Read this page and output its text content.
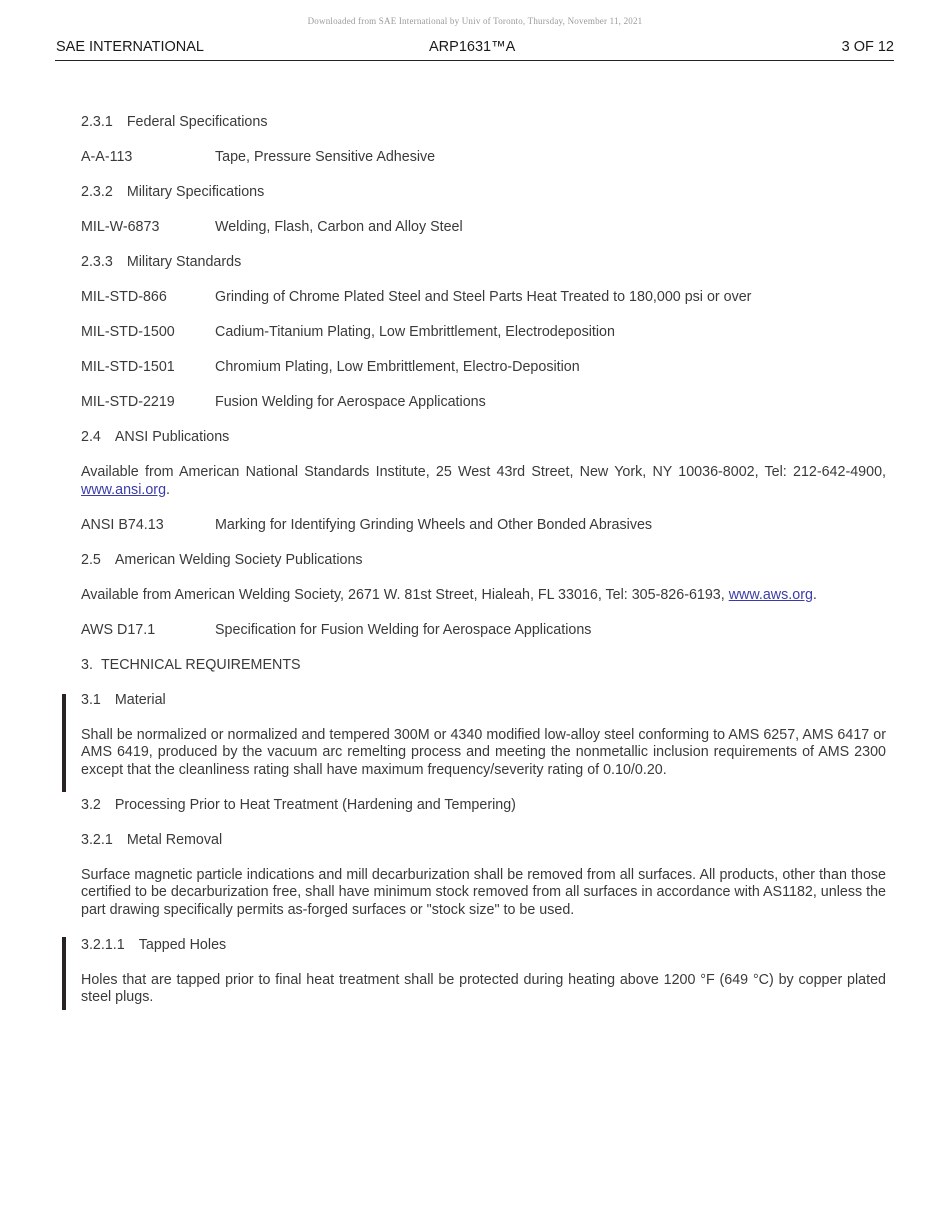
Downloaded from SAE International by Univ of Toronto, Thursday, November 11, 2021
SAE INTERNATIONAL	ARP1631™A	3 OF 12
2.3.1 Federal Specifications
A-A-113	Tape, Pressure Sensitive Adhesive
2.3.2 Military Specifications
MIL-W-6873	Welding, Flash, Carbon and Alloy Steel
2.3.3 Military Standards
MIL-STD-866	Grinding of Chrome Plated Steel and Steel Parts Heat Treated to 180,000 psi or over
MIL-STD-1500	Cadium-Titanium Plating, Low Embrittlement, Electrodeposition
MIL-STD-1501	Chromium Plating, Low Embrittlement, Electro-Deposition
MIL-STD-2219	Fusion Welding for Aerospace Applications
2.4 ANSI Publications
Available from American National Standards Institute, 25 West 43rd Street, New York, NY 10036-8002, Tel: 212-642-4900, www.ansi.org.
ANSI B74.13	Marking for Identifying Grinding Wheels and Other Bonded Abrasives
2.5 American Welding Society Publications
Available from American Welding Society, 2671 W. 81st Street, Hialeah, FL 33016, Tel: 305-826-6193, www.aws.org.
AWS D17.1	Specification for Fusion Welding for Aerospace Applications
3. TECHNICAL REQUIREMENTS
3.1 Material
Shall be normalized or normalized and tempered 300M or 4340 modified low-alloy steel conforming to AMS 6257, AMS 6417 or AMS 6419, produced by the vacuum arc remelting process and meeting the nonmetallic inclusion requirements of AMS 2300 except that the cleanliness rating shall have maximum frequency/severity rating of 0.10/0.20.
3.2 Processing Prior to Heat Treatment (Hardening and Tempering)
3.2.1 Metal Removal
Surface magnetic particle indications and mill decarburization shall be removed from all surfaces. All products, other than those certified to be decarburization free, shall have minimum stock removed from all surfaces in accordance with AS1182, unless the part drawing specifically permits as-forged surfaces or "stock size" to be used.
3.2.1.1 Tapped Holes
Holes that are tapped prior to final heat treatment shall be protected during heating above 1200 °F (649 °C) by copper plated steel plugs.
